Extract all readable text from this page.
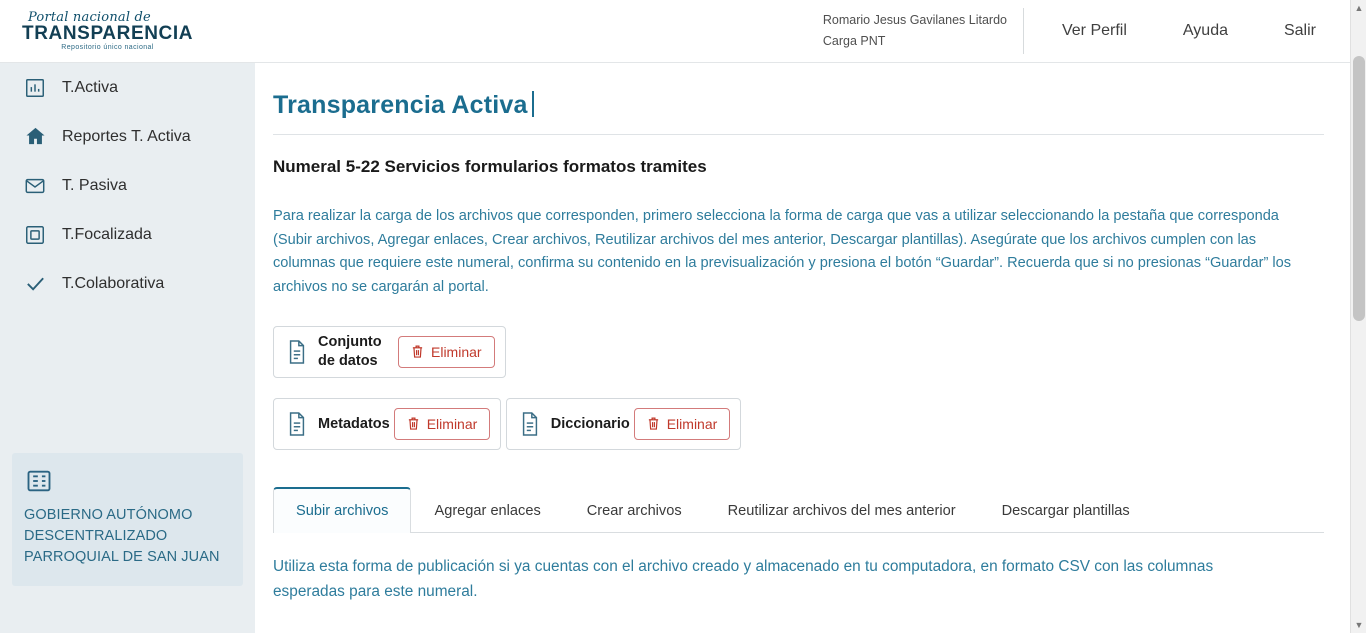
Portal nacional de
TRANSPARENCIA
Repositorio único nacional
Romario Jesus Gavilanes Litardo
Carga PNT
Ver Perfil	Ayuda	Salir
T.Activa
Reportes T. Activa
T. Pasiva
T.Focalizada
T.Colaborativa
GOBIERNO AUTÓNOMO DESCENTRALIZADO PARROQUIAL DE SAN JUAN
Transparencia Activa
Numeral 5-22 Servicios formularios formatos tramites

Para realizar la carga de los archivos que corresponden, primero selecciona la forma de carga que vas a utilizar seleccionando la pestaña que corresponda (Subir archivos, Agregar enlaces, Crear archivos, Reutilizar archivos del mes anterior, Descargar plantillas). Asegúrate que los archivos cumplen con las columnas que requiere este numeral, confirma su contenido en la previsualización y presiona el botón “Guardar”. Recuerda que si no presionas “Guardar” los archivos no se cargarán al portal.

Conjunto de datos
Eliminar
Metadatos	Eliminar
	Diccionario	Eliminar
Subir archivos	Agregar enlaces	Crear archivos	Reutilizar archivos del mes anterior	Descargar plantillas
Utiliza esta forma de publicación si ya cuentas con el archivo creado y almacenado en tu computadora, en formato CSV con las columnas esperadas para este numeral.
▲
▼
